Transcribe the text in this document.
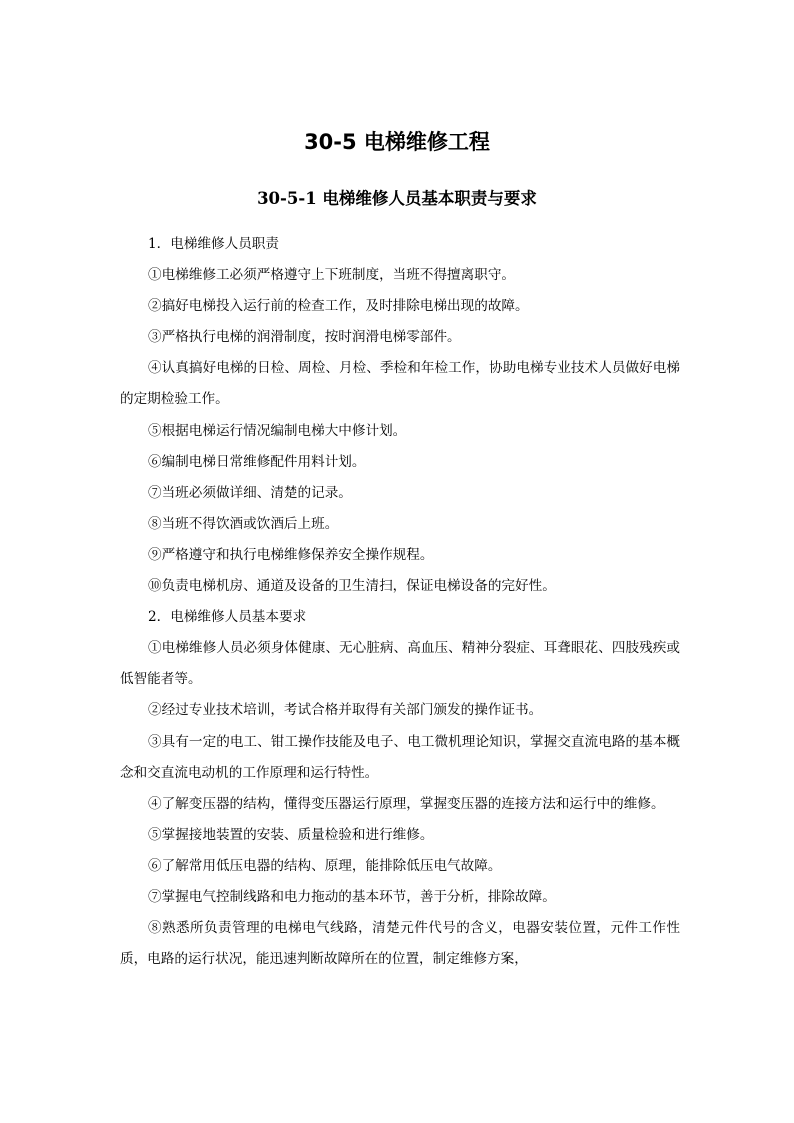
30-5 电梯维修工程
30-5-1 电梯维修人员基本职责与要求

1．电梯维修人员职责

①电梯维修工必须严格遵守上下班制度，当班不得擅离职守。

②搞好电梯投入运行前的检查工作，及时排除电梯出现的故障。

③严格执行电梯的润滑制度，按时润滑电梯零部件。

④认真搞好电梯的日检、周检、月检、季检和年检工作，协助电梯专业技术人员做好电梯的定期检验工作。

⑤根据电梯运行情况编制电梯大中修计划。

⑥编制电梯日常维修配件用料计划。

⑦当班必须做详细、清楚的记录。

⑧当班不得饮酒或饮酒后上班。

⑨严格遵守和执行电梯维修保养安全操作规程。

⑩负责电梯机房、通道及设备的卫生清扫，保证电梯设备的完好性。

2．电梯维修人员基本要求

①电梯维修人员必须身体健康、无心脏病、高血压、精神分裂症、耳聋眼花、四肢残疾或低智能者等。

②经过专业技术培训，考试合格并取得有关部门颁发的操作证书。

③具有一定的电工、钳工操作技能及电子、电工微机理论知识，掌握交直流电路的基本概念和交直流电动机的工作原理和运行特性。

④了解变压器的结构，懂得变压器运行原理，掌握变压器的连接方法和运行中的维修。

⑤掌握接地装置的安装、质量检验和进行维修。

⑥了解常用低压电器的结构、原理，能排除低压电气故障。

⑦掌握电气控制线路和电力拖动的基本环节，善于分析，排除故障。

⑧熟悉所负责管理的电梯电气线路，清楚元件代号的含义，电器安装位置，元件工作性质，电路的运行状况，能迅速判断故障所在的位置，制定维修方案，
